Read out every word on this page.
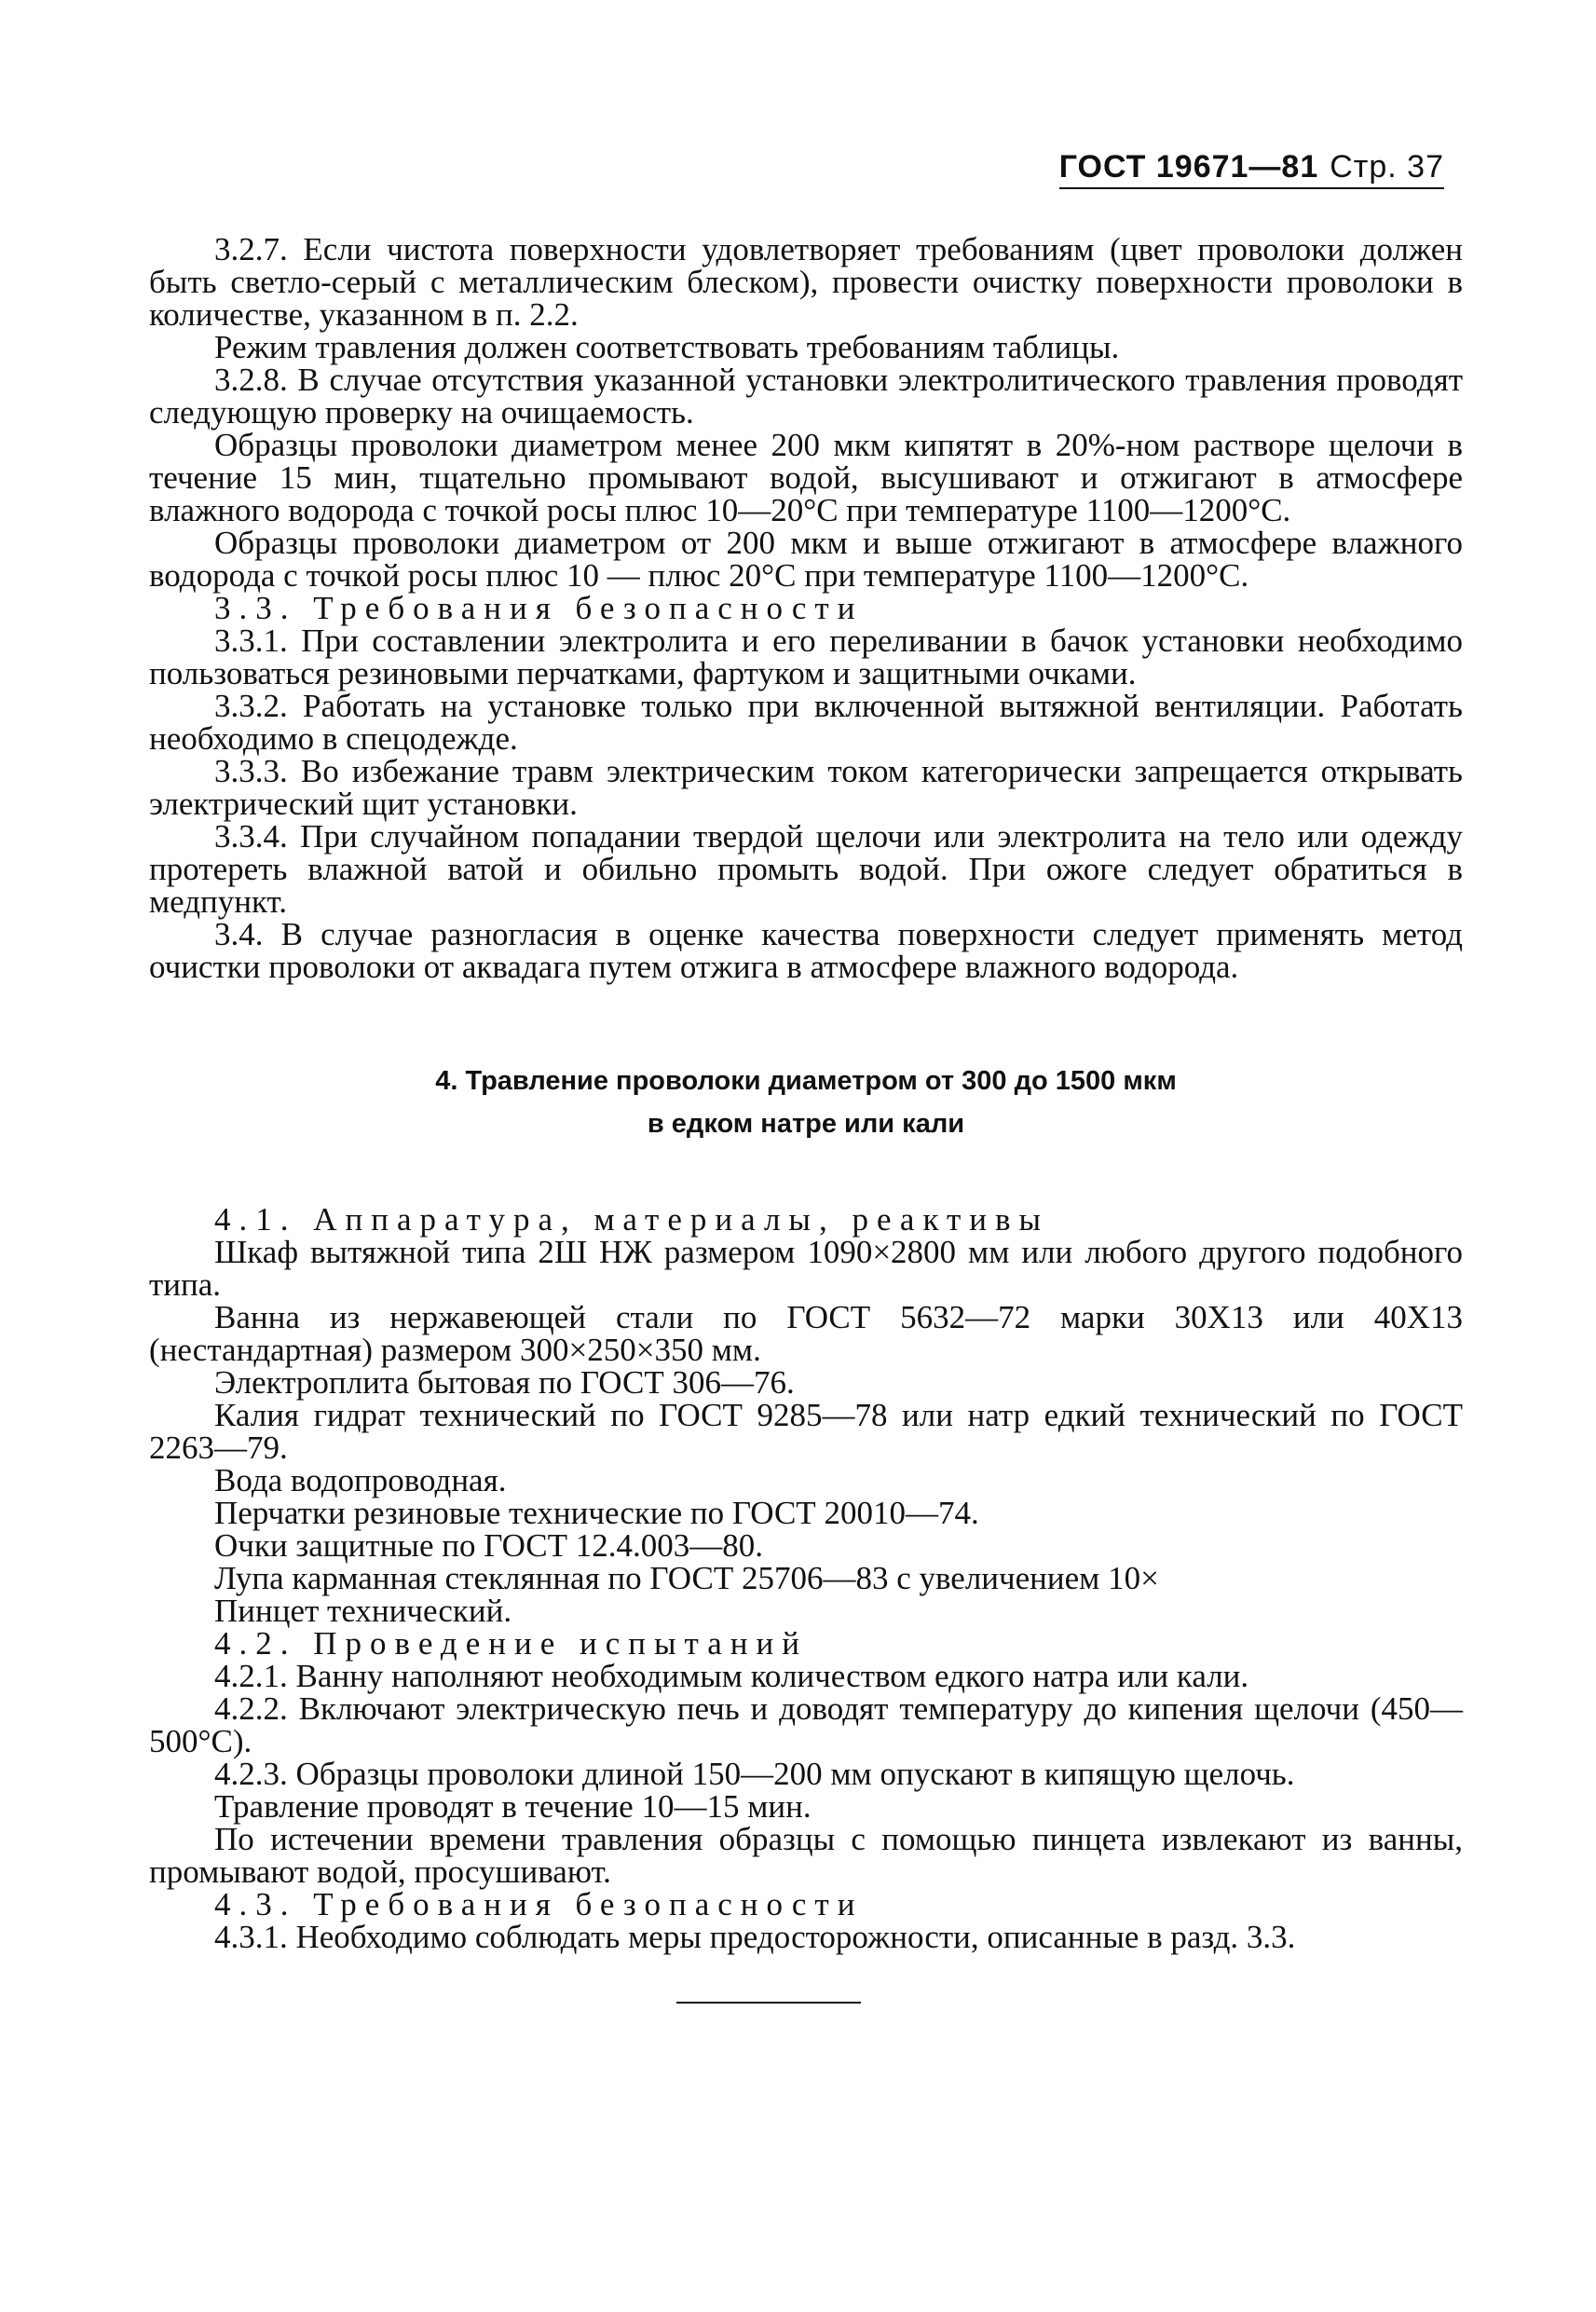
ГОСТ 19671—81 Стр. 37

3.2.7. Если чистота поверхности удовлетворяет требованиям (цвет проволоки должен быть светло-серый с металлическим блеском), провести очистку поверхности проволоки в количестве, указанном в п. 2.2.

Режим травления должен соответствовать требованиям таблицы.

3.2.8. В случае отсутствия указанной установки электролитического травления проводят следующую проверку на очищаемость.

Образцы проволоки диаметром менее 200 мкм кипятят в 20%-ном растворе щелочи в течение 15 мин, тщательно промывают водой, высушивают и отжигают в атмосфере влажного водорода с точкой росы плюс 10—20°С при температуре 1100—1200°С.

Образцы проволоки диаметром от 200 мкм и выше отжигают в атмосфере влажного водорода с точкой росы плюс 10 — плюс 20°С при температуре 1100—1200°С.

3.3. Требования безопасности

3.3.1. При составлении электролита и его переливании в бачок установки необходимо пользоваться резиновыми перчатками, фартуком и защитными очками.

3.3.2. Работать на установке только при включенной вытяжной вентиляции. Работать необходимо в спецодежде.

3.3.3. Во избежание травм электрическим током категорически запрещается открывать электрический щит установки.

3.3.4. При случайном попадании твердой щелочи или электролита на тело или одежду протереть влажной ватой и обильно промыть водой. При ожоге следует обратиться в медпункт.

3.4. В случае разногласия в оценке качества поверхности следует применять метод очистки проволоки от аквадага путем отжига в атмосфере влажного водорода.

4. Травление проволоки диаметром от 300 до 1500 мкм
в едком натре или кали

4.1. Аппаратура, материалы, реактивы

Шкаф вытяжной типа 2Ш НЖ размером 1090×2800 мм или любого другого подобного типа.

Ванна из нержавеющей стали по ГОСТ 5632—72 марки 30Х13 или 40Х13 (нестандартная) размером 300×250×350 мм.

Электроплита бытовая по ГОСТ 306—76.

Калия гидрат технический по ГОСТ 9285—78 или натр едкий технический по ГОСТ 2263—79.

Вода водопроводная.

Перчатки резиновые технические по ГОСТ 20010—74.

Очки защитные по ГОСТ 12.4.003—80.

Лупа карманная стеклянная по ГОСТ 25706—83 с увеличением 10×

Пинцет технический.

4.2. Проведение испытаний

4.2.1. Ванну наполняют необходимым количеством едкого натра или кали.

4.2.2. Включают электрическую печь и доводят температуру до кипения щелочи (450—500°С).

4.2.3. Образцы проволоки длиной 150—200 мм опускают в кипящую щелочь.

Травление проводят в течение 10—15 мин.

По истечении времени травления образцы с помощью пинцета извлекают из ванны, промывают водой, просушивают.

4.3. Требования безопасности

4.3.1. Необходимо соблюдать меры предосторожности, описанные в разд. 3.3.
